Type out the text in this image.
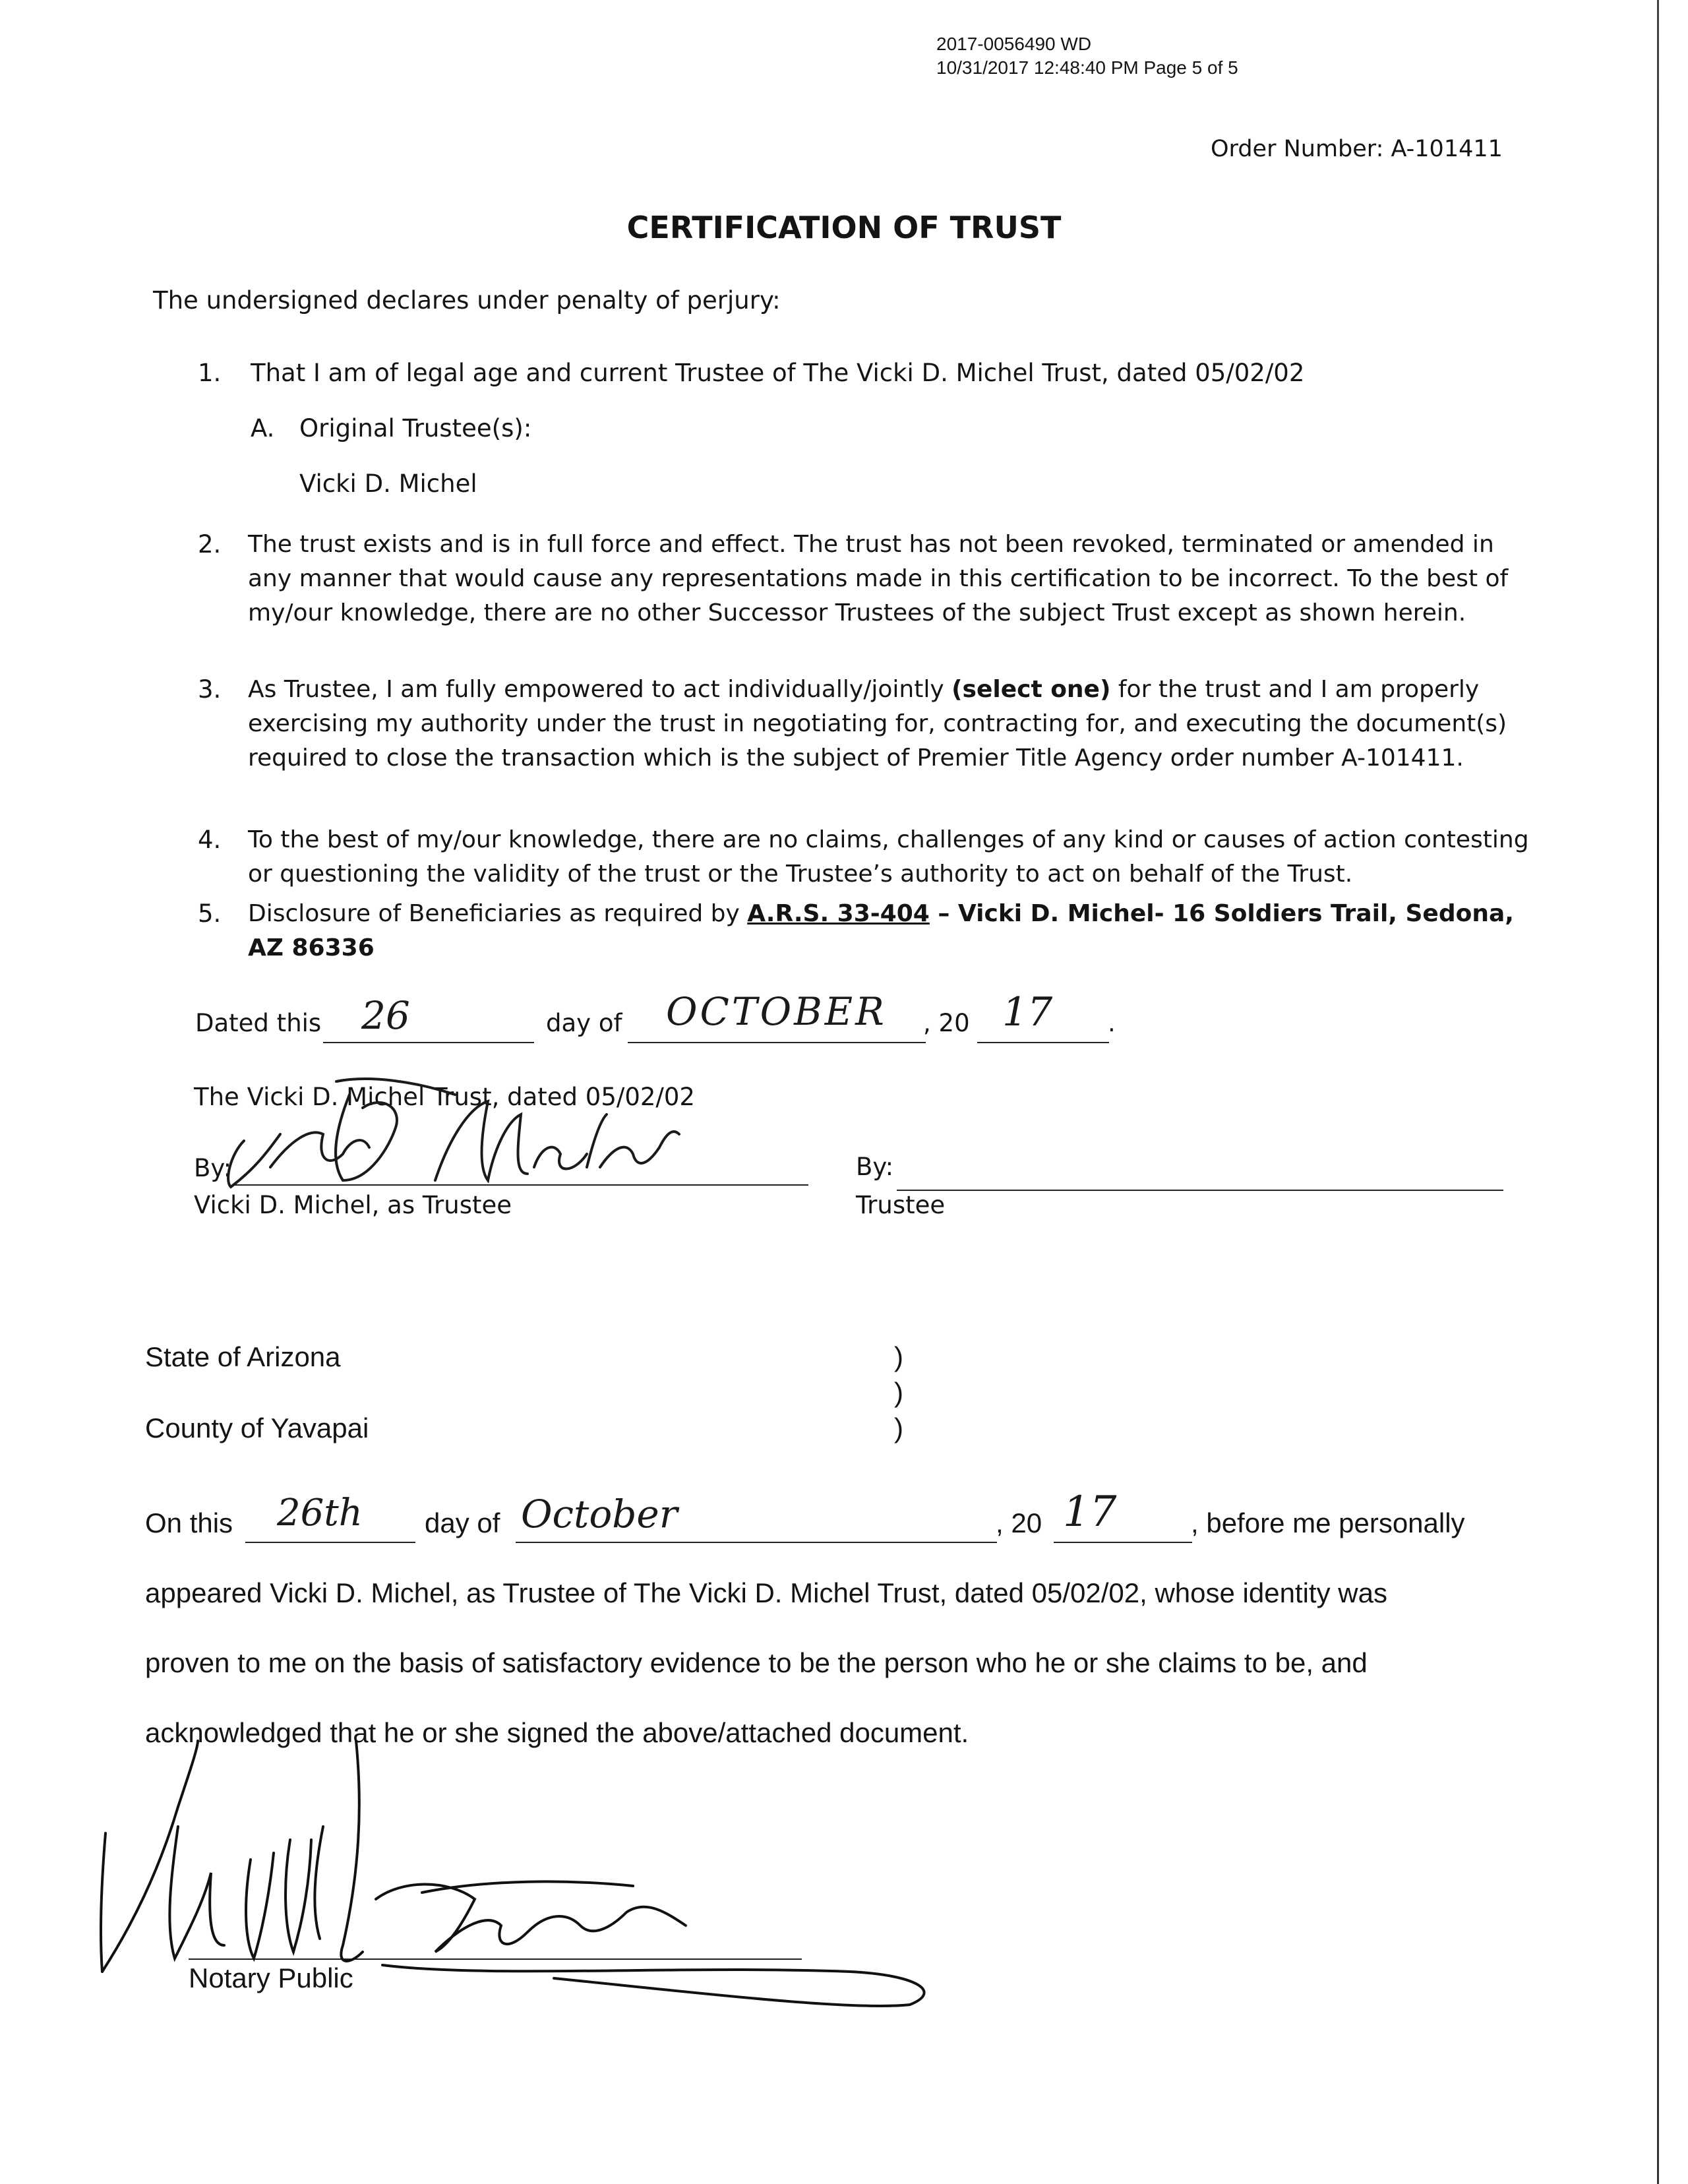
2017-0056490 WD
10/31/2017 12:48:40 PM Page 5 of 5
Order Number: A-101411
CERTIFICATION OF TRUST
The undersigned declares under penalty of perjury:
1. That I am of legal age and current Trustee of The Vicki D. Michel Trust, dated 05/02/02
A. Original Trustee(s):
Vicki D. Michel
2. The trust exists and is in full force and effect. The trust has not been revoked, terminated or amended in any manner that would cause any representations made in this certification to be incorrect. To the best of my/our knowledge, there are no other Successor Trustees of the subject Trust except as shown herein.
3. As Trustee, I am fully empowered to act individually/jointly (select one) for the trust and I am properly exercising my authority under the trust in negotiating for, contracting for, and executing the document(s) required to close the transaction which is the subject of Premier Title Agency order number A-101411.
4. To the best of my/our knowledge, there are no claims, challenges of any kind or causes of action contesting or questioning the validity of the trust or the Trustee’s authority to act on behalf of the Trust.
5. Disclosure of Beneficiaries as required by A.R.S. 33-404 – Vicki D. Michel- 16 Soldiers Trail, Sedona, AZ 86336
Dated this 26	day of OCTOBER , 20 17 .
The Vicki D. Michel Trust, dated 05/02/02
By:
Vicki D. Michel, as Trustee
By:
Trustee
State of Arizona	)
)
County of Yavapai	)
On this 26th day of October	, 20 17	, before me personally
appeared Vicki D. Michel, as Trustee of The Vicki D. Michel Trust, dated 05/02/02, whose identity was
proven to me on the basis of satisfactory evidence to be the person who he or she claims to be, and
acknowledged that he or she signed the above/attached document.
Notary Public
